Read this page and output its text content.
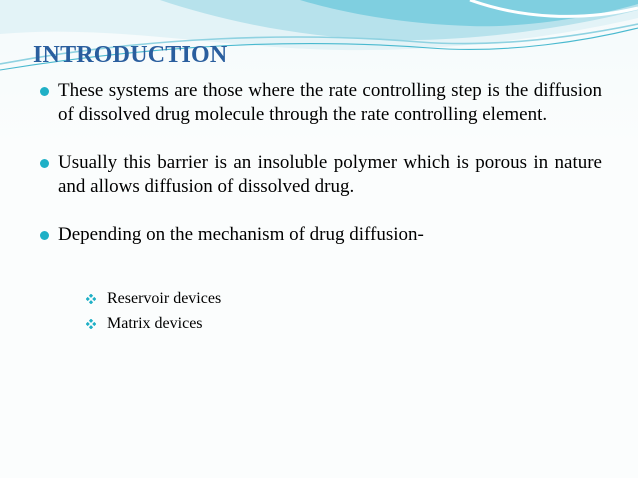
INTRODUCTION
These systems are those where the rate controlling step is the diffusion of dissolved drug molecule through the rate controlling element.
Usually this barrier is an insoluble polymer which is porous in nature and allows diffusion of dissolved drug.
Depending on the mechanism of drug diffusion-
Reservoir devices
Matrix devices
